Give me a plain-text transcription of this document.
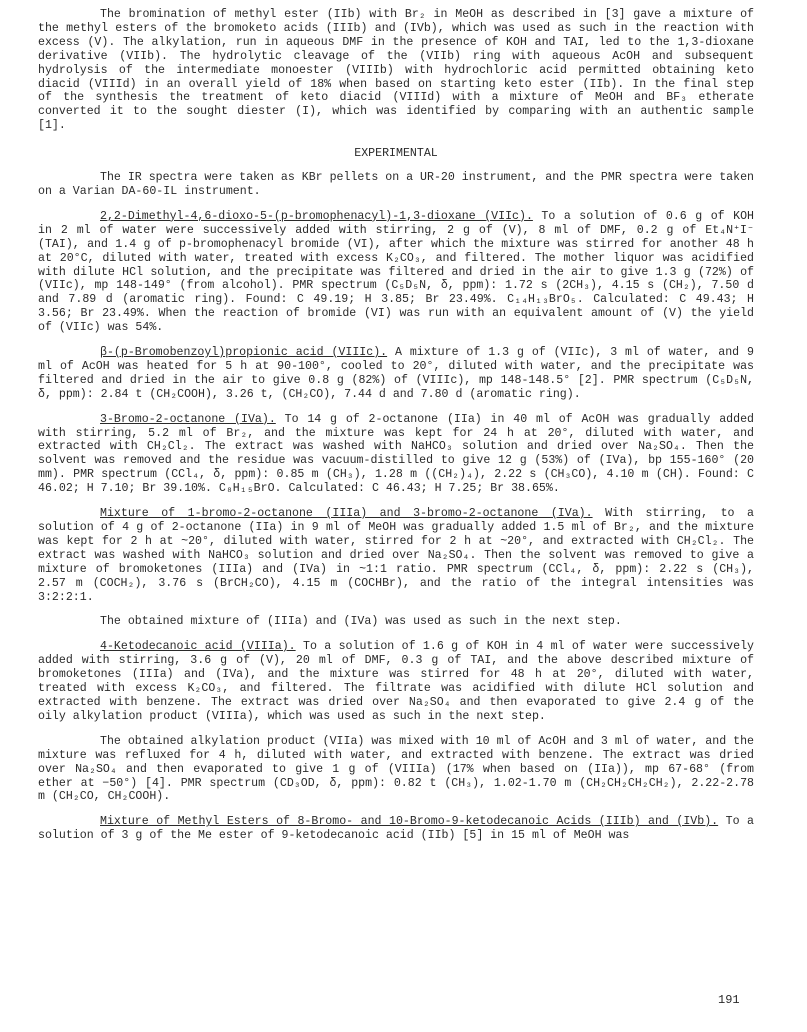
The bromination of methyl ester (IIb) with Br₂ in MeOH as described in [3] gave a mixture of the methyl esters of the bromoketo acids (IIIb) and (IVb), which was used as such in the reaction with excess (V). The alkylation, run in aqueous DMF in the presence of KOH and TAI, led to the 1,3-dioxane derivative (VIIb). The hydrolytic cleavage of the (VIIb) ring with aqueous AcOH and subsequent hydrolysis of the intermediate monoester (VIIIb) with hydrochloric acid permitted obtaining keto diacid (VIIId) in an overall yield of 18% when based on starting keto ester (IIb). In the final step of the synthesis the treatment of keto diacid (VIIId) with a mixture of MeOH and BF₃ etherate converted it to the sought diester (I), which was identified by comparing with an authentic sample [1].

EXPERIMENTAL

The IR spectra were taken as KBr pellets on a UR-20 instrument, and the PMR spectra were taken on a Varian DA-60-IL instrument.

2,2-Dimethyl-4,6-dioxo-5-(p-bromophenacyl)-1,3-dioxane (VIIc). To a solution of 0.6 g of KOH in 2 ml of water were successively added with stirring, 2 g of (V), 8 ml of DMF, 0.2 g of Et₄N⁺I⁻ (TAI), and 1.4 g of p-bromophenacyl bromide (VI), after which the mixture was stirred for another 48 h at 20°C, diluted with water, treated with excess K₂CO₃, and filtered. The mother liquor was acidified with dilute HCl solution, and the precipitate was filtered and dried in the air to give 1.3 g (72%) of (VIIc), mp 148-149° (from alcohol). PMR spectrum (C₅D₅N, δ, ppm): 1.72 s (2CH₃), 4.15 s (CH₂), 7.50 d and 7.89 d (aromatic ring). Found: C 49.19; H 3.85; Br 23.49%. C₁₄H₁₃BrO₅. Calculated: C 49.43; H 3.56; Br 23.49%. When the reaction of bromide (VI) was run with an equivalent amount of (V) the yield of (VIIc) was 54%.

β-(p-Bromobenzoyl)propionic acid (VIIIc). A mixture of 1.3 g of (VIIc), 3 ml of water, and 9 ml of AcOH was heated for 5 h at 90-100°, cooled to 20°, diluted with water, and the precipitate was filtered and dried in the air to give 0.8 g (82%) of (VIIIc), mp 148-148.5° [2]. PMR spectrum (C₅D₅N, δ, ppm): 2.84 t (CH₂COOH), 3.26 t, (CH₂CO), 7.44 d and 7.80 d (aromatic ring).

3-Bromo-2-octanone (IVa). To 14 g of 2-octanone (IIa) in 40 ml of AcOH was gradually added with stirring, 5.2 ml of Br₂, and the mixture was kept for 24 h at 20°, diluted with water, and extracted with CH₂Cl₂. The extract was washed with NaHCO₃ solution and dried over Na₂SO₄. Then the solvent was removed and the residue was vacuum-distilled to give 12 g (53%) of (IVa), bp 155-160° (20 mm). PMR spectrum (CCl₄, δ, ppm): 0.85 m (CH₃), 1.28 m ((CH₂)₄), 2.22 s (CH₃CO), 4.10 m (CH). Found: C 46.02; H 7.10; Br 39.10%. C₈H₁₅BrO. Calculated: C 46.43; H 7.25; Br 38.65%.

Mixture of 1-bromo-2-octanone (IIIa) and 3-bromo-2-octanone (IVa). With stirring, to a solution of 4 g of 2-octanone (IIa) in 9 ml of MeOH was gradually added 1.5 ml of Br₂, and the mixture was kept for 2 h at ~20°, diluted with water, stirred for 2 h at ~20°, and extracted with CH₂Cl₂. The extract was washed with NaHCO₃ solution and dried over Na₂SO₄. Then the solvent was removed to give a mixture of bromoketones (IIIa) and (IVa) in ~1:1 ratio. PMR spectrum (CCl₄, δ, ppm): 2.22 s (CH₃), 2.57 m (COCH₂), 3.76 s (BrCH₂CO), 4.15 m (COCHBr), and the ratio of the integral intensities was 3:2:2:1.

The obtained mixture of (IIIa) and (IVa) was used as such in the next step.

4-Ketodecanoic acid (VIIIa). To a solution of 1.6 g of KOH in 4 ml of water were successively added with stirring, 3.6 g of (V), 20 ml of DMF, 0.3 g of TAI, and the above described mixture of bromoketones (IIIa) and (IVa), and the mixture was stirred for 48 h at 20°, diluted with water, treated with excess K₂CO₃, and filtered. The filtrate was acidified with dilute HCl solution and extracted with benzene. The extract was dried over Na₂SO₄ and then evaporated to give 2.4 g of the oily alkylation product (VIIIa), which was used as such in the next step.

The obtained alkylation product (VIIa) was mixed with 10 ml of AcOH and 3 ml of water, and the mixture was refluxed for 4 h, diluted with water, and extracted with benzene. The extract was dried over Na₂SO₄ and then evaporated to give 1 g of (VIIIa) (17% when based on (IIa)), mp 67-68° (from ether at −50°) [4]. PMR spectrum (CD₃OD, δ, ppm): 0.82 t (CH₃), 1.02-1.70 m (CH₂CH₂CH₂CH₂), 2.22-2.78 m (CH₂CO, CH₂COOH).

Mixture of Methyl Esters of 8-Bromo- and 10-Bromo-9-ketodecanoic Acids (IIIb) and (IVb). To a solution of 3 g of the Me ester of 9-ketodecanoic acid (IIb) [5] in 15 ml of MeOH was

191
